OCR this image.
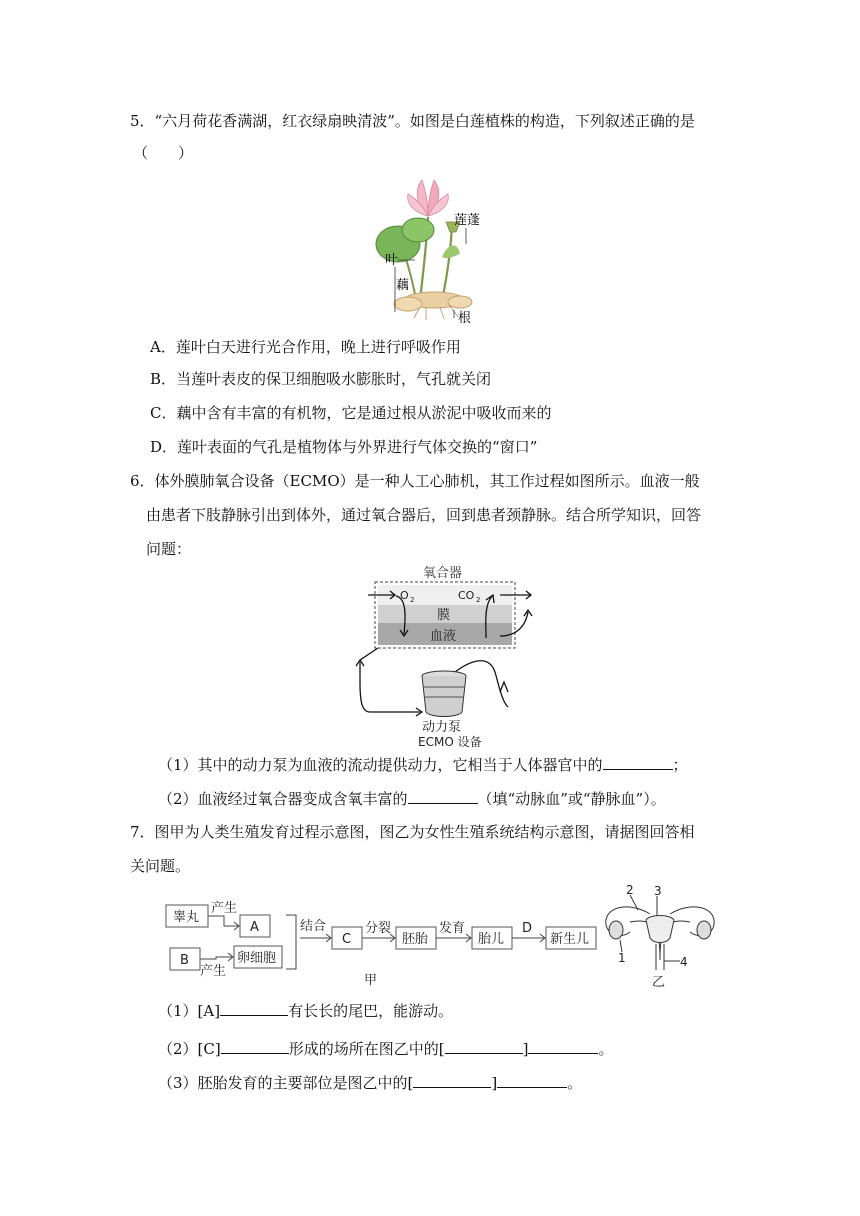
5．“六月荷花香满湖，红衣绿扇映清波”。如图是白莲植株的构造，下列叙述正确的是
（　　）
莲蓬
叶
藕
根
A．莲叶白天进行光合作用，晚上进行呼吸作用
B．当莲叶表皮的保卫细胞吸水膨胀时，气孔就关闭
C．藕中含有丰富的有机物，它是通过根从淤泥中吸收而来的
D．莲叶表面的气孔是植物体与外界进行气体交换的“窗口”
6．体外膜肺氧合设备（ECMO）是一种人工心肺机，其工作过程如图所示。血液一般
由患者下肢静脉引出到体外，通过氧合器后，回到患者颈静脉。结合所学知识，回答
问题：
氧合器
O 2	CO 2
膜
血液
动力泵
ECMO 设备
（1）其中的动力泵为血液的流动提供动力，它相当于人体器官中的	；
（2）血液经过氧合器变成含氧丰富的	（填“动脉血”或“静脉血”）。
7．图甲为人类生殖发育过程示意图，图乙为女性生殖系统结构示意图，请据图回答相
关问题。
睾丸
产生
A
B
产生
卵细胞
结合
C
分裂
胚胎
发育
胎儿
D
新生儿
甲
2 3
1	4
乙
（1）[A]	有长长的尾巴，能游动。
（2）[C]	形成的场所在图乙中的[	]	。
（3）胚胎发育的主要部位是图乙中的[	]	。
